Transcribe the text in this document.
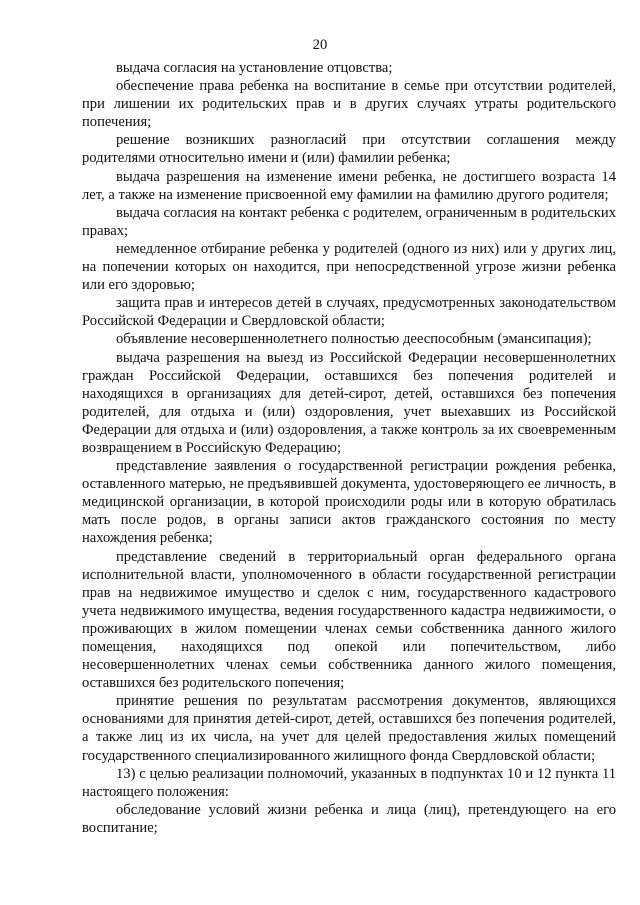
20

выдача согласия на установление отцовства;

обеспечение права ребенка на воспитание в семье при отсутствии родителей, при лишении их родительских прав и в других случаях утраты родительского попечения;

решение возникших разногласий при отсутствии соглашения между родителями относительно имени и (или) фамилии ребенка;

выдача разрешения на изменение имени ребенка, не достигшего возраста 14 лет, а также на изменение присвоенной ему фамилии на фамилию другого родителя;

выдача согласия на контакт ребенка с родителем, ограниченным в родительских правах;

немедленное отбирание ребенка у родителей (одного из них) или у других лиц, на попечении которых он находится, при непосредственной угрозе жизни ребенка или его здоровью;

защита прав и интересов детей в случаях, предусмотренных законодательством Российской Федерации и Свердловской области;

объявление несовершеннолетнего полностью дееспособным (эмансипация);

выдача разрешения на выезд из Российской Федерации несовершеннолетних граждан Российской Федерации, оставшихся без попечения родителей и находящихся в организациях для детей-сирот, детей, оставшихся без попечения родителей, для отдыха и (или) оздоровления, учет выехавших из Российской Федерации для отдыха и (или) оздоровления, а также контроль за их своевременным возвращением в Российскую Федерацию;

представление заявления о государственной регистрации рождения ребенка, оставленного матерью, не предъявившей документа, удостоверяющего ее личность, в медицинской организации, в которой происходили роды или в которую обратилась мать после родов, в органы записи актов гражданского состояния по месту нахождения ребенка;

представление сведений в территориальный орган федерального органа исполнительной власти, уполномоченного в области государственной регистрации прав на недвижимое имущество и сделок с ним, государственного кадастрового учета недвижимого имущества, ведения государственного кадастра недвижимости, о проживающих в жилом помещении членах семьи собственника данного жилого помещения, находящихся под опекой или попечительством, либо несовершеннолетних членах семьи собственника данного жилого помещения, оставшихся без родительского попечения;

принятие решения по результатам рассмотрения документов, являющихся основаниями для принятия детей-сирот, детей, оставшихся без попечения родителей, а также лиц из их числа, на учет для целей предоставления жилых помещений государственного специализированного жилищного фонда Свердловской области;

13) с целью реализации полномочий, указанных в подпунктах 10 и 12 пункта 11 настоящего положения:

обследование условий жизни ребенка и лица (лиц), претендующего на его воспитание;
